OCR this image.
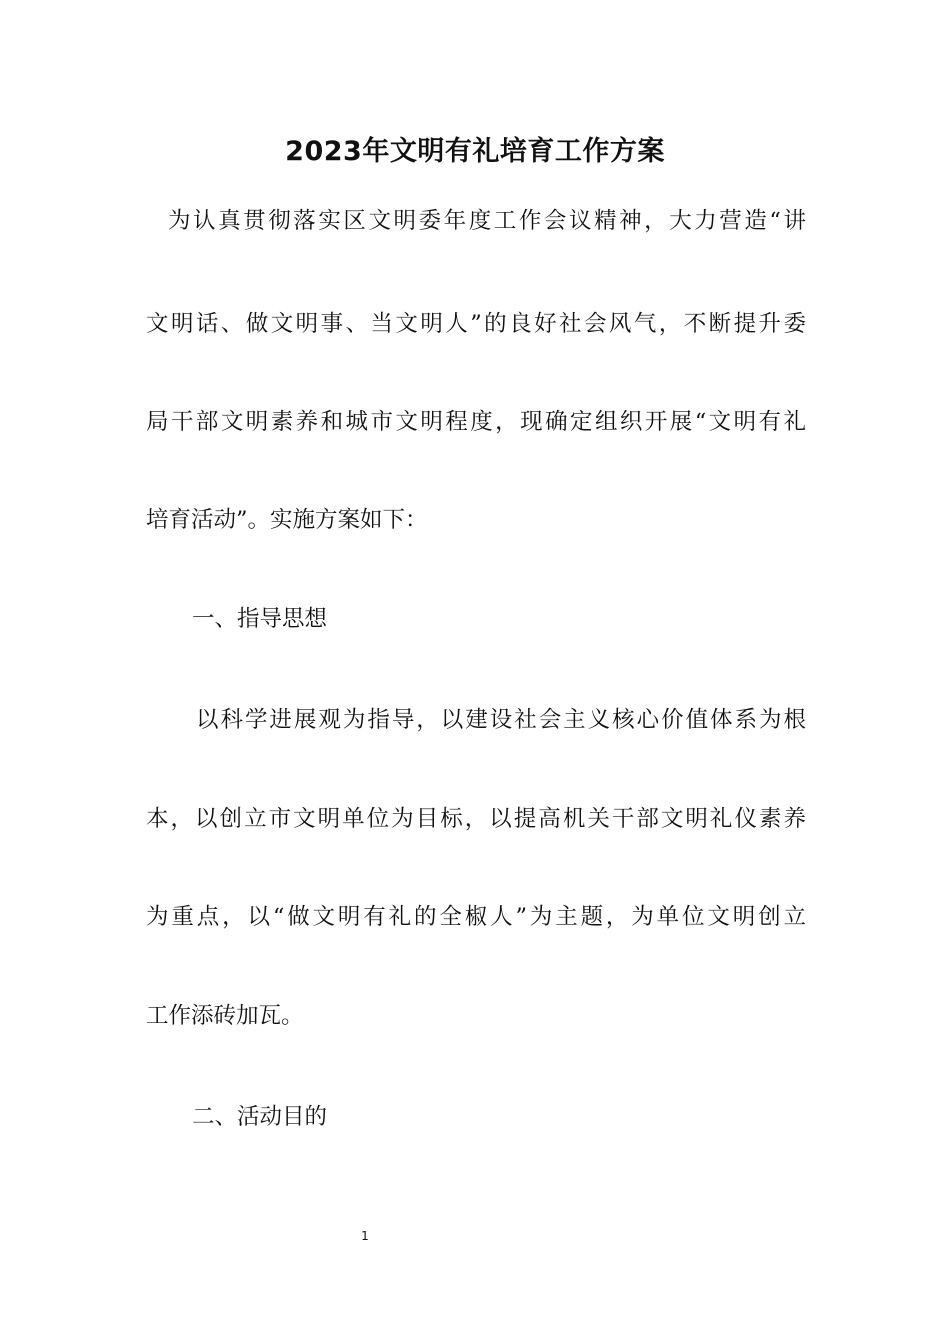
2023年文明有礼培育工作方案

为认真贯彻落实区文明委年度工作会议精神，大力营造“讲

文明话、做文明事、当文明人”的良好社会风气，不断提升委

局干部文明素养和城市文明程度，现确定组织开展“文明有礼

培育活动”。实施方案如下：

一、指导思想

以科学进展观为指导，以建设社会主义核心价值体系为根

本，以创立市文明单位为目标，以提高机关干部文明礼仪素养

为重点，以“做文明有礼的全椒人”为主题，为单位文明创立

工作添砖加瓦。

二、活动目的

1
